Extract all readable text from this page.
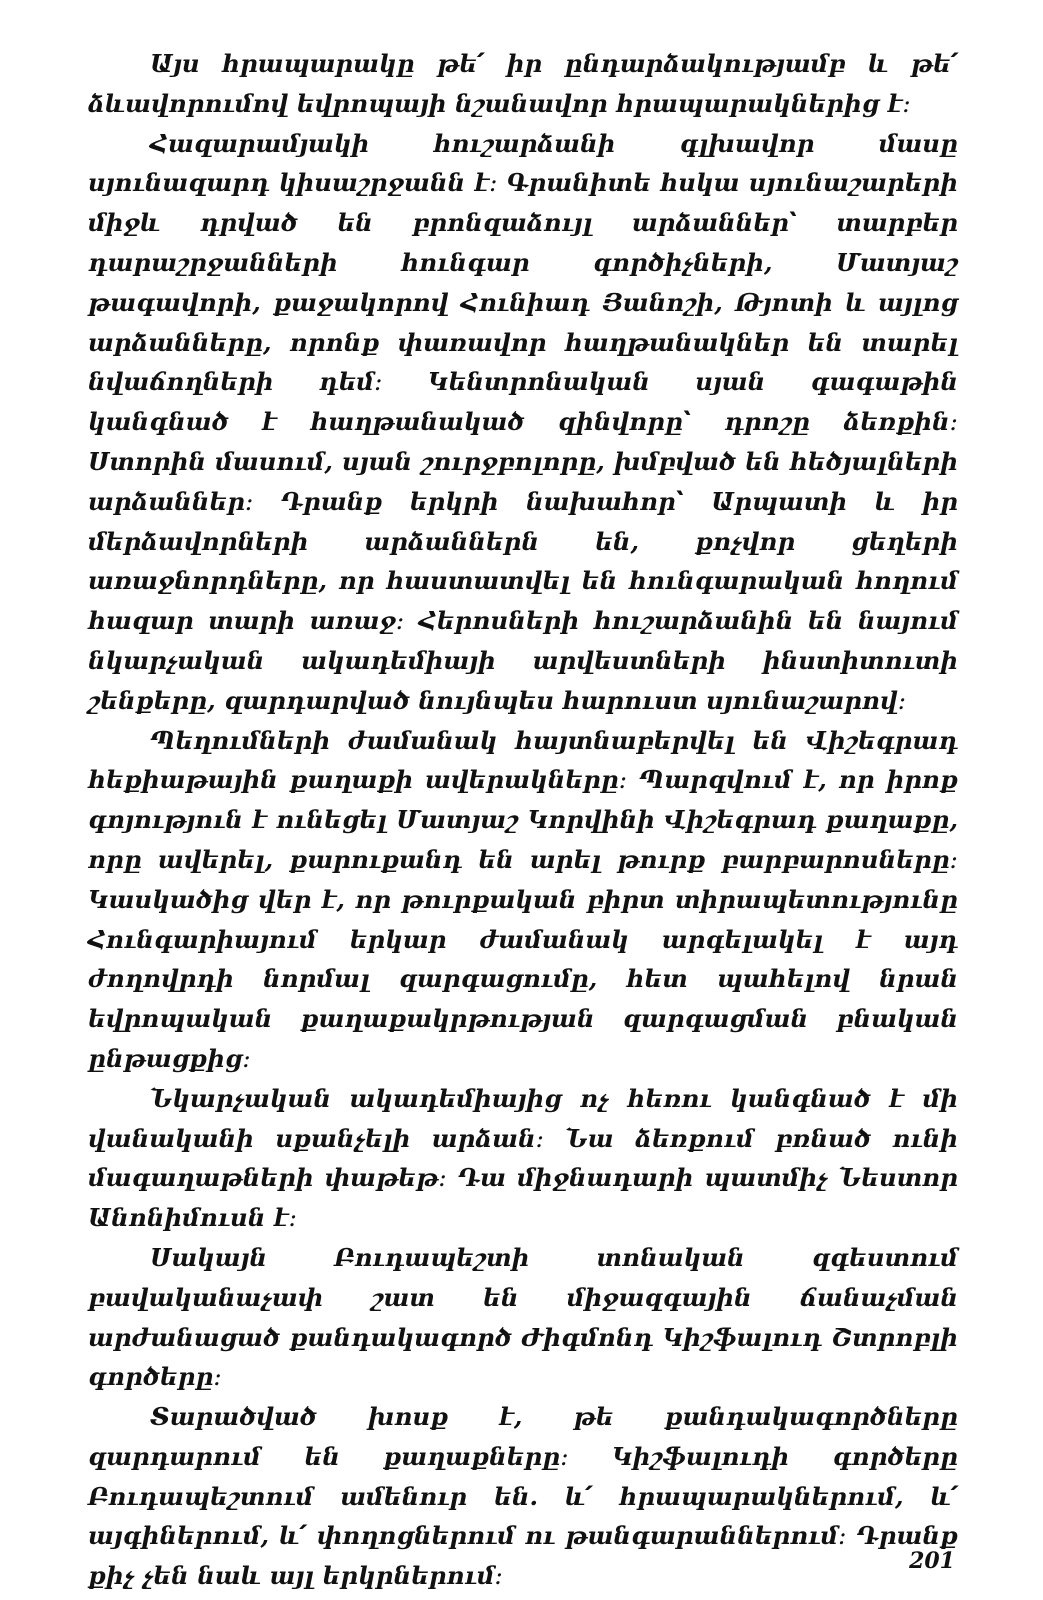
Այս հրապարակը թե՛ իր ընդարձակությամբ և թե՛ ձևավորումով եվրոպայի նշանավոր հրապարակներից է։

Հազարամյակի հուշարձանի գլխավոր մասը սյունազարդ կիսաշրջանն է։ Գրանիտե հսկա սյունաշարերի միջև դրված են բրոնզաձույլ արձաններ՝ տարբեր դարաշրջանների հունգար գործիչների, Մատյաշ թագավորի, քաջակորով Հունիադ Յանոշի, Թյոտի և այլոց արձանները, որոնք փառավոր հաղթանակներ են տարել նվաճողների դեմ։ Կենտրոնական սյան գագաթին կանգնած է հաղթանակած զինվորը՝ դրոշը ձեռքին։ Ստորին մասում, սյան շուրջբոլորը, խմբված են հեծյալների արձաններ։ Դրանք երկրի նախահոր՝ Արպատի և իր մերձավորների արձաններն են, քոչվոր ցեղերի առաջնորդները, որ հաստատվել են հունգարական հողում հազար տարի առաջ։ Հերոսների հուշարձանին են նայում նկարչական ակադեմիայի արվեստների ինստիտուտի շենքերը, զարդարված նույնպես հարուստ սյունաշարով։

Պեղումների ժամանակ հայտնաբերվել են Վիշեգրադ հեքիաթային քաղաքի ավերակները։ Պարզվում է, որ իրոք գոյություն է ունեցել Մատյաշ Կորվինի Վիշեգրադ քաղաքը, որը ավերել, քարուքանդ են արել թուրք բարբարոսները։ Կասկածից վեր է, որ թուրքական բիրտ տիրապետությունը Հունգարիայում երկար ժամանակ արգելակել է այդ ժողովրդի նորմալ զարգացումը, հետ պահելով նրան եվրոպական քաղաքակրթության զարգացման բնական ընթացքից։

Նկարչական ակադեմիայից ոչ հեռու կանգնած է մի վանականի սքանչելի արձան։ Նա ձեռքում բռնած ունի մագաղաթների փաթեթ։ Դա միջնադարի պատմիչ Նեստոր Անոնիմուսն է։

Սակայն Բուդապեշտի տոնական զգեստում բավականաչափ շատ են միջազգային ճանաչման արժանացած քանդակագործ Ժիգմոնդ Կիշֆալուդ Շտրոբլի գործերը։

Տարածված խոսք է, թե քանդակագործները զարդարում են քաղաքները։ Կիշֆալուդի գործերը Բուդապեշտում ամենուր են. և՛ հրապարակներում, և՛ այգիներում, և՛ փողոցներում ու թանգարաններում։ Դրանք քիչ չեն նաև այլ երկրներում։

201
